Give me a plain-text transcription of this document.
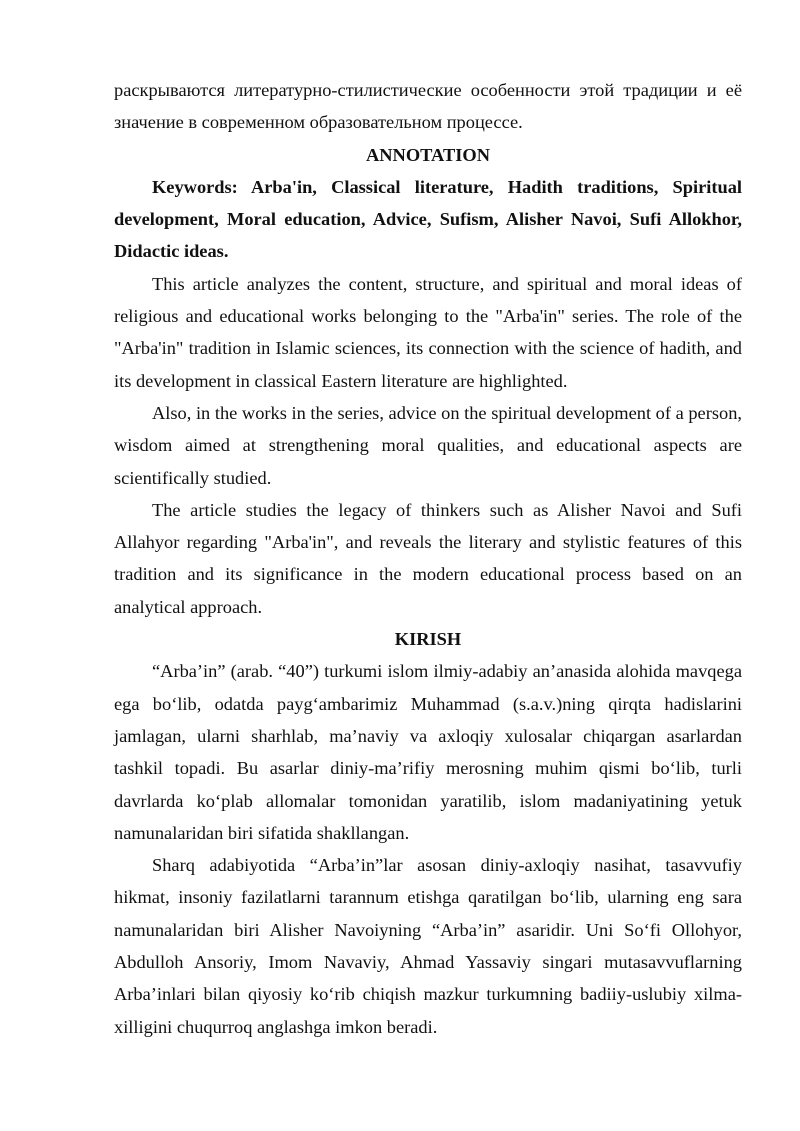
раскрываются литературно-стилистические особенности этой традиции и её значение в современном образовательном процессе.

ANNOTATION

Keywords: Arba'in, Classical literature, Hadith traditions, Spiritual development, Moral education, Advice, Sufism, Alisher Navoi, Sufi Allokhor, Didactic ideas.

This article analyzes the content, structure, and spiritual and moral ideas of religious and educational works belonging to the "Arba'in" series. The role of the "Arba'in" tradition in Islamic sciences, its connection with the science of hadith, and its development in classical Eastern literature are highlighted.

Also, in the works in the series, advice on the spiritual development of a person, wisdom aimed at strengthening moral qualities, and educational aspects are scientifically studied.

The article studies the legacy of thinkers such as Alisher Navoi and Sufi Allahyor regarding "Arba'in", and reveals the literary and stylistic features of this tradition and its significance in the modern educational process based on an analytical approach.

KIRISH

“Arba’in” (arab. “40”) turkumi islom ilmiy-adabiy an’anasida alohida mavqega ega bo‘lib, odatda payg‘ambarimiz Muhammad (s.a.v.)ning qirqta hadislarini jamlagan, ularni sharhlab, ma’naviy va axloqiy xulosalar chiqargan asarlardan tashkil topadi. Bu asarlar diniy-ma’rifiy merosning muhim qismi bo‘lib, turli davrlarda ko‘plab allomalar tomonidan yaratilib, islom madaniyatining yetuk namunalaridan biri sifatida shakllangan.

Sharq adabiyotida “Arba’in”lar asosan diniy-axloqiy nasihat, tasavvufiy hikmat, insoniy fazilatlarni tarannum etishga qaratilgan bo‘lib, ularning eng sara namunalaridan biri Alisher Navoiyning “Arba’in” asaridir. Uni So‘fi Ollohyor, Abdulloh Ansoriy, Imom Navaviy, Ahmad Yassaviy singari mutasavvuflarning Arba’inlari bilan qiyosiy ko‘rib chiqish mazkur turkumning badiiy-uslubiy xilma-xilligini chuqurroq anglashga imkon beradi.
